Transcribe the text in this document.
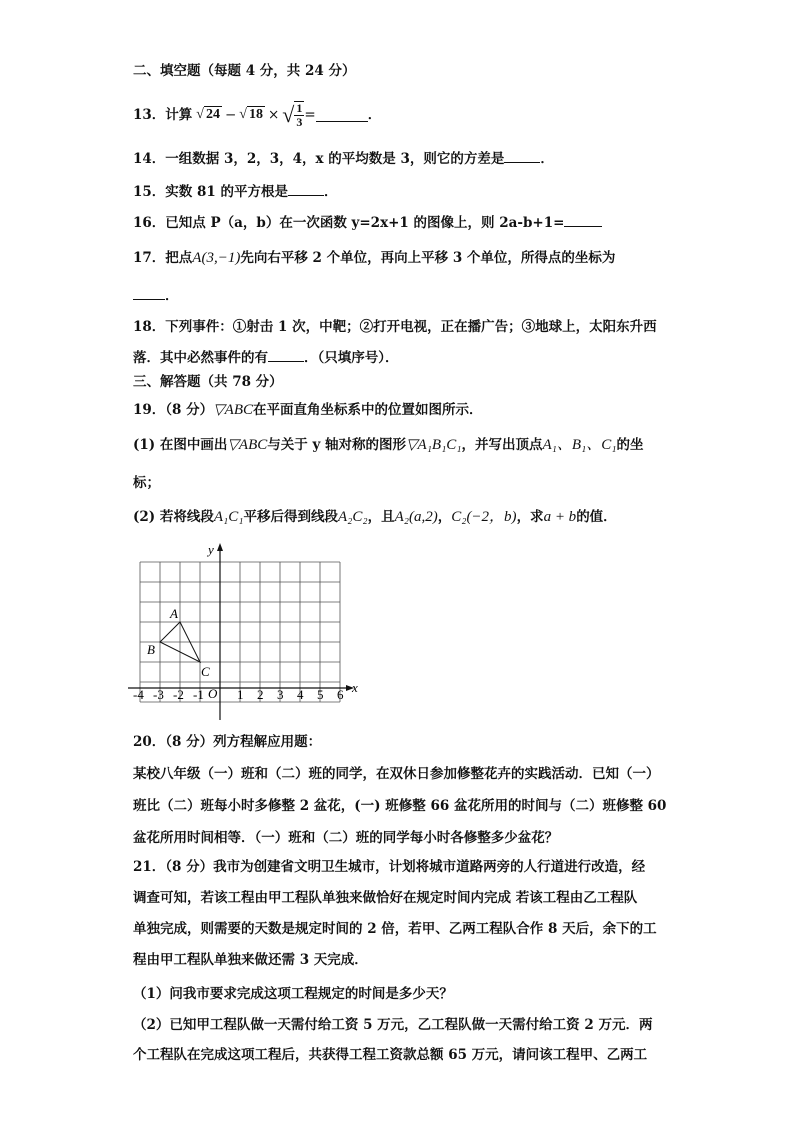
二、填空题（每题 4 分，共 24 分）
13．计算 √ 24 − √ 18 × √ $\frac{1}{3}$ =	．
14．一组数据 3，2，3，4，x 的平均数是 3，则它的方差是	．
15．实数 81 的平方根是	．
16．已知点 P（a，b）在一次函数 y=2x+1 的图像上，则 2a-b+1=
17．把点A(3,−1)先向右平移 2 个单位，再向上平移 3 个单位，所得点的坐标为
．
18．下列事件：①射击 1 次，中靶；②打开电视，正在播广告；③地球上，太阳东升西
落．其中必然事件的有	．（只填序号）．
三、解答题（共 78 分）
19．（8 分）▽ABC在平面直角坐标系中的位置如图所示．
(1) 在图中画出▽ABC与关于 y 轴对称的图形▽A₁B₁C₁，并写出顶点A₁、B₁、C₁的坐
标；
(2) 若将线段A₁C₁平移后得到线段A₂C₂，且A₂(a,2)，C₂(−2，b)，求a + b的值．
x
y
O
-4 -3 -2 -1	1 2 3 4 5 6
A
B
C
20．（8 分）列方程解应用题：
某校八年级（一）班和（二）班的同学，在双休日参加修整花卉的实践活动．已知（一）
班比（二）班每小时多修整 2 盆花，(一) 班修整 66 盆花所用的时间与（二）班修整 60
盆花所用时间相等．（一）班和（二）班的同学每小时各修整多少盆花？
21．（8 分）我市为创建省文明卫生城市，计划将城市道路两旁的人行道进行改造，经
调查可知，若该工程由甲工程队单独来做恰好在规定时间内完成 若该工程由乙工程队
单独完成，则需要的天数是规定时间的 2 倍，若甲、乙两工程队合作 8 天后，余下的工
程由甲工程队单独来做还需 3 天完成．
（1）问我市要求完成这项工程规定的时间是多少天？
（2）已知甲工程队做一天需付给工资 5 万元，乙工程队做一天需付给工资 2 万元．两
个工程队在完成这项工程后，共获得工程工资款总额 65 万元，请问该工程甲、乙两工
